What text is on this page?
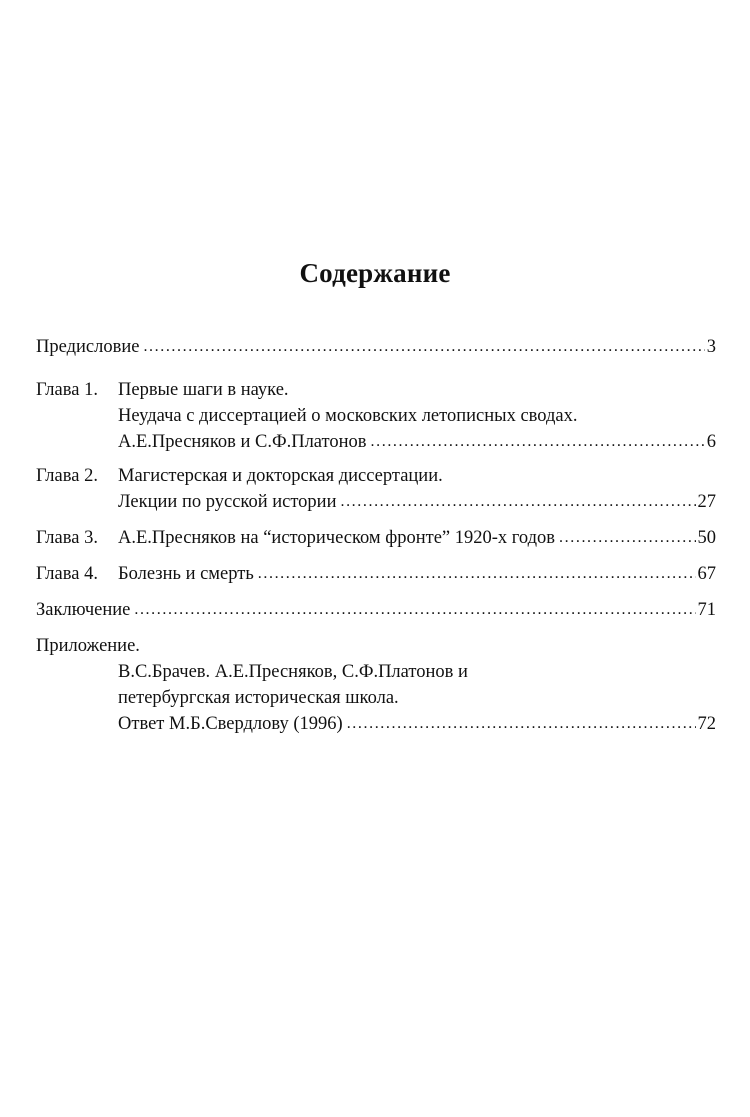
Содержание
Предисловие .....	3
Глава 1.	Первые шаги в науке.
Неудача с диссертацией о московских летописных сводах.
А.Е.Пресняков и С.Ф.Платонов .....	6
Глава 2.	Магистерская и докторская диссертации.
Лекции по русской истории .....	27
Глава 3.	А.Е.Пресняков на “историческом фронте” 1920-х годов .....	50
Глава 4.	Болезнь и смерть .....	67
Заключение .....	71
Приложение.
В.С.Брачев. А.Е.Пресняков, С.Ф.Платонов и
петербургская историческая школа.
Ответ М.Б.Свердлову (1996) .....	72
